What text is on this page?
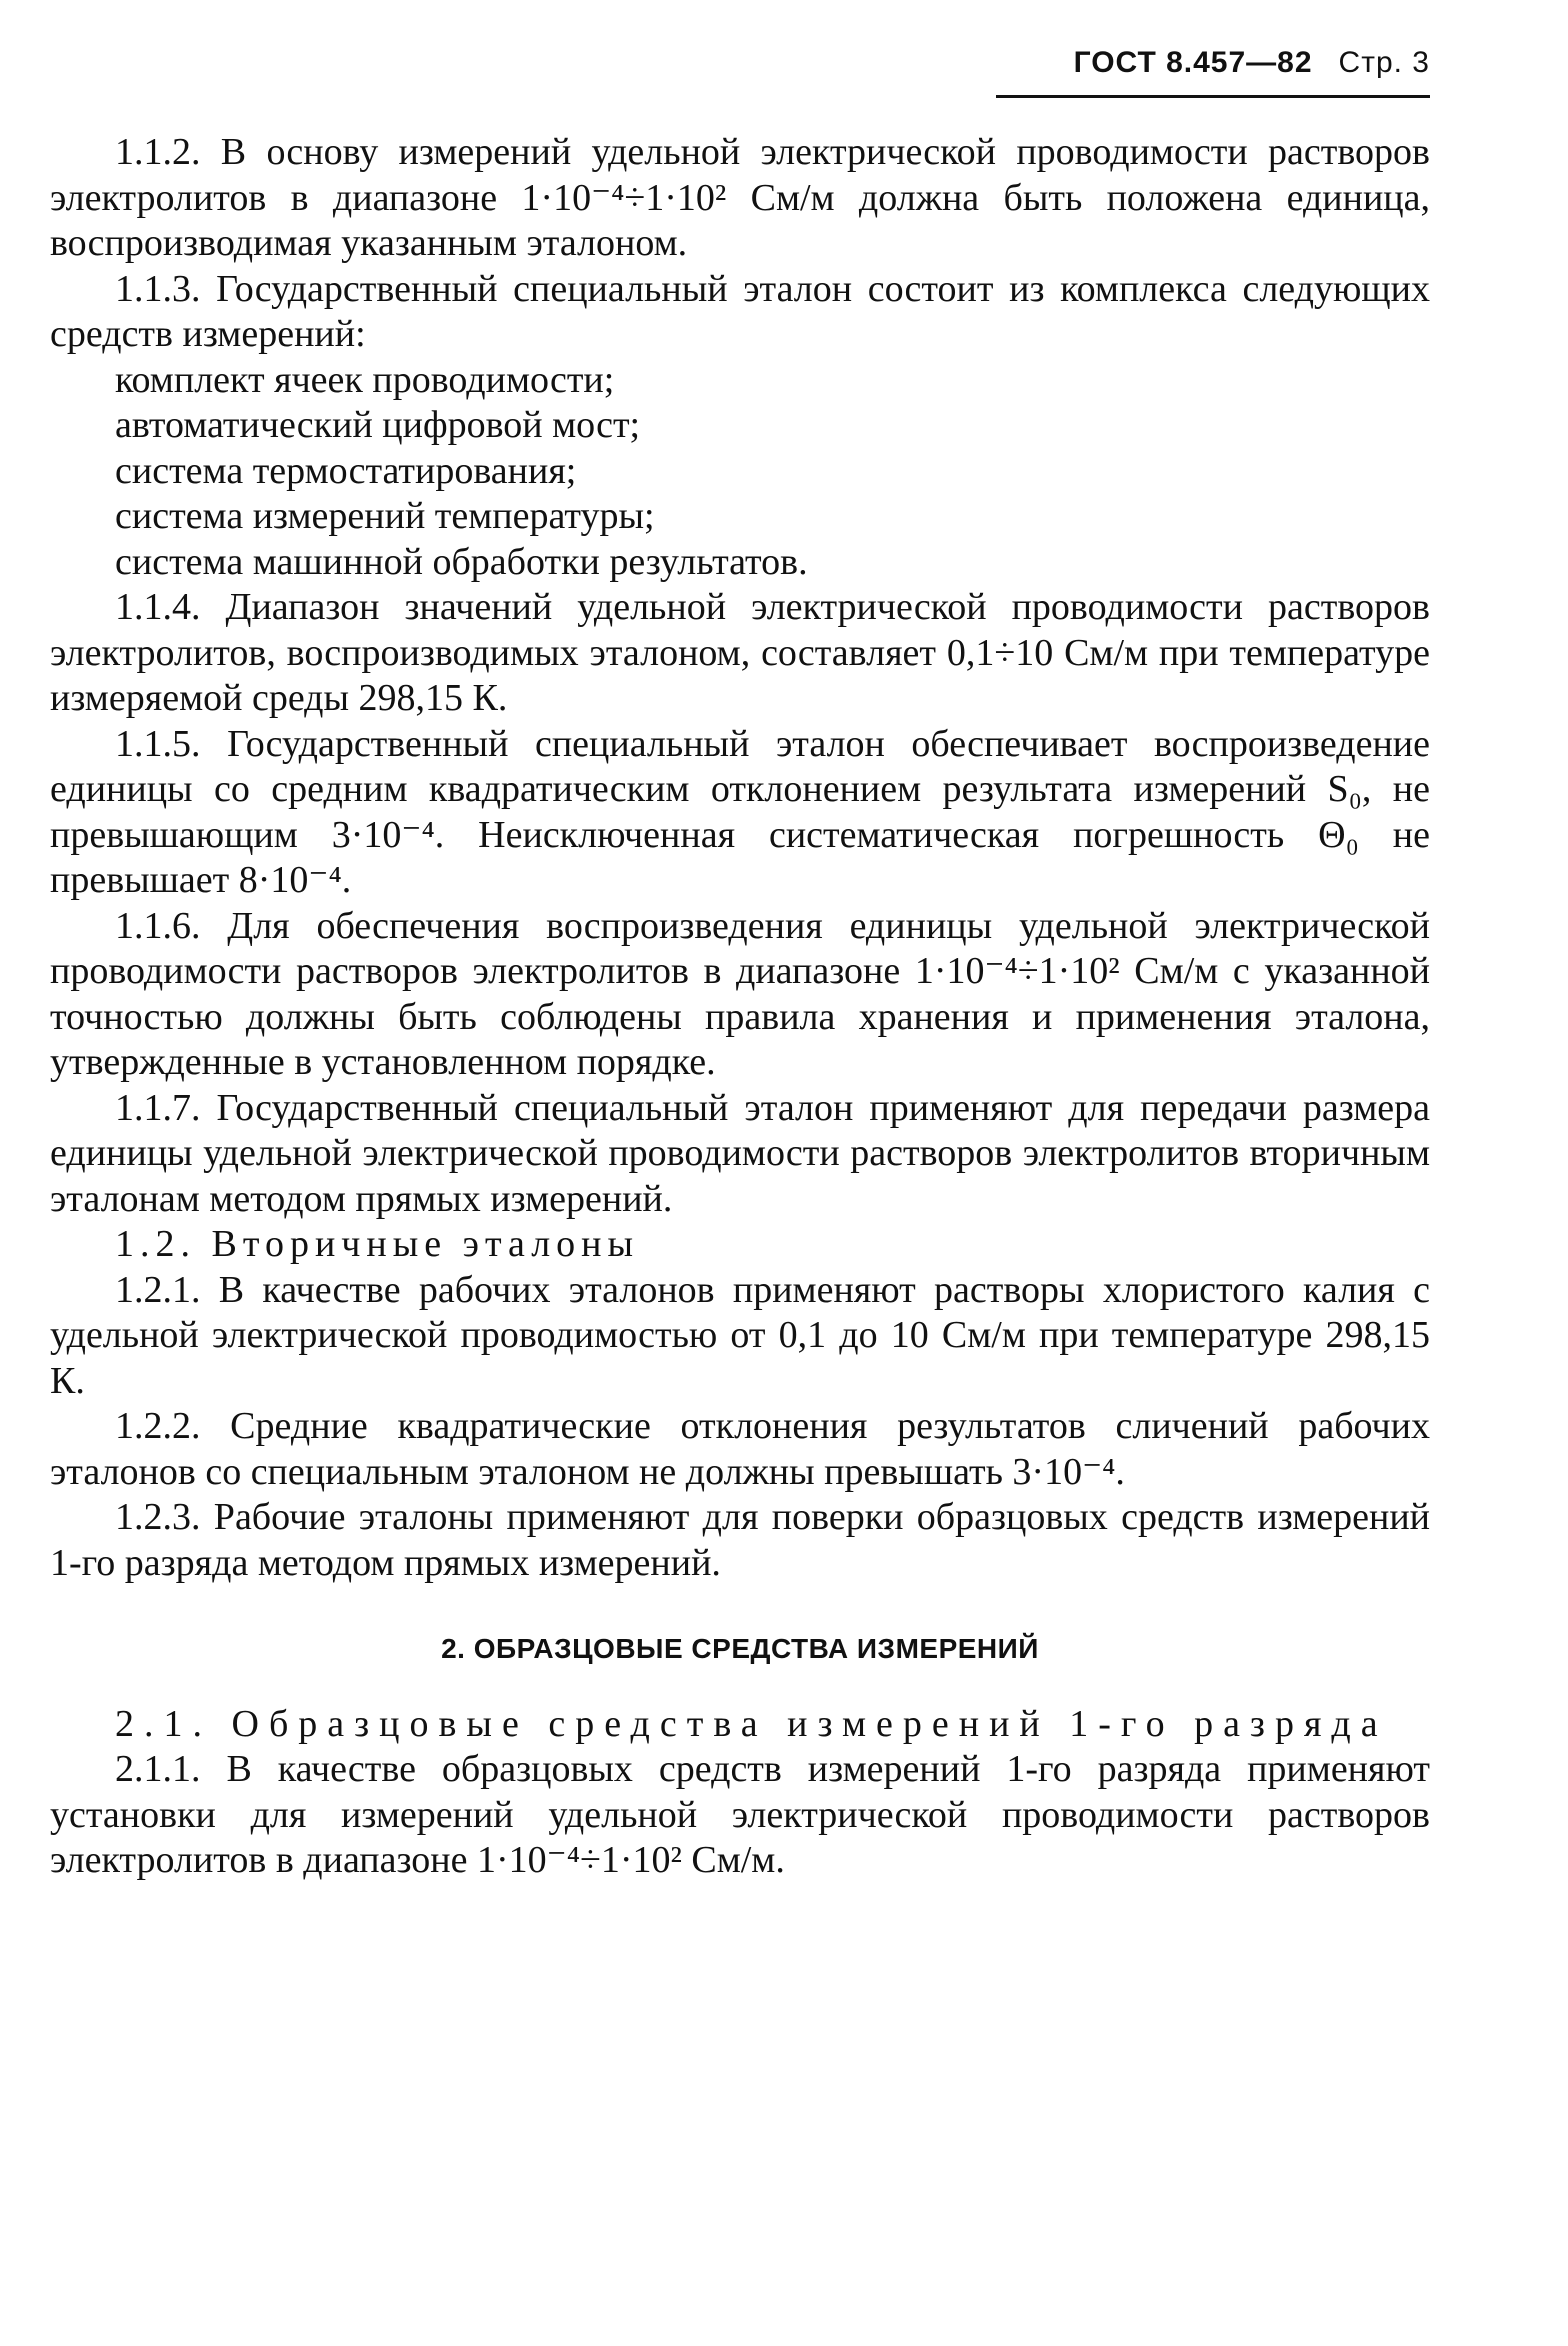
ГОСТ 8.457—82 Стр. 3

1.1.2. В основу измерений удельной электрической проводимости растворов электролитов в диапазоне 1·10⁻⁴÷1·10² См/м должна быть положена единица, воспроизводимая указанным эталоном.

1.1.3. Государственный специальный эталон состоит из комплекса следующих средств измерений:

комплект ячеек проводимости;

автоматический цифровой мост;

система термостатирования;

система измерений температуры;

система машинной обработки результатов.

1.1.4. Диапазон значений удельной электрической проводимости растворов электролитов, воспроизводимых эталоном, составляет 0,1÷10 См/м при температуре измеряемой среды 298,15 К.

1.1.5. Государственный специальный эталон обеспечивает воспроизведение единицы со средним квадратическим отклонением результата измерений S₀, не превышающим 3·10⁻⁴. Неисключенная систематическая погрешность Θ₀ не превышает 8·10⁻⁴.

1.1.6. Для обеспечения воспроизведения единицы удельной электрической проводимости растворов электролитов в диапазоне 1·10⁻⁴÷1·10² См/м с указанной точностью должны быть соблюдены правила хранения и применения эталона, утвержденные в установленном порядке.

1.1.7. Государственный специальный эталон применяют для передачи размера единицы удельной электрической проводимости растворов электролитов вторичным эталонам методом прямых измерений.

1.2. Вторичные эталоны

1.2.1. В качестве рабочих эталонов применяют растворы хлористого калия с удельной электрической проводимостью от 0,1 до 10 См/м при температуре 298,15 К.

1.2.2. Средние квадратические отклонения результатов сличений рабочих эталонов со специальным эталоном не должны превышать 3·10⁻⁴.

1.2.3. Рабочие эталоны применяют для поверки образцовых средств измерений 1-го разряда методом прямых измерений.

2. ОБРАЗЦОВЫЕ СРЕДСТВА ИЗМЕРЕНИЙ

2.1. Образцовые средства измерений 1-го разряда

2.1.1. В качестве образцовых средств измерений 1-го разряда применяют установки для измерений удельной электрической проводимости растворов электролитов в диапазоне 1·10⁻⁴÷1·10² См/м.
